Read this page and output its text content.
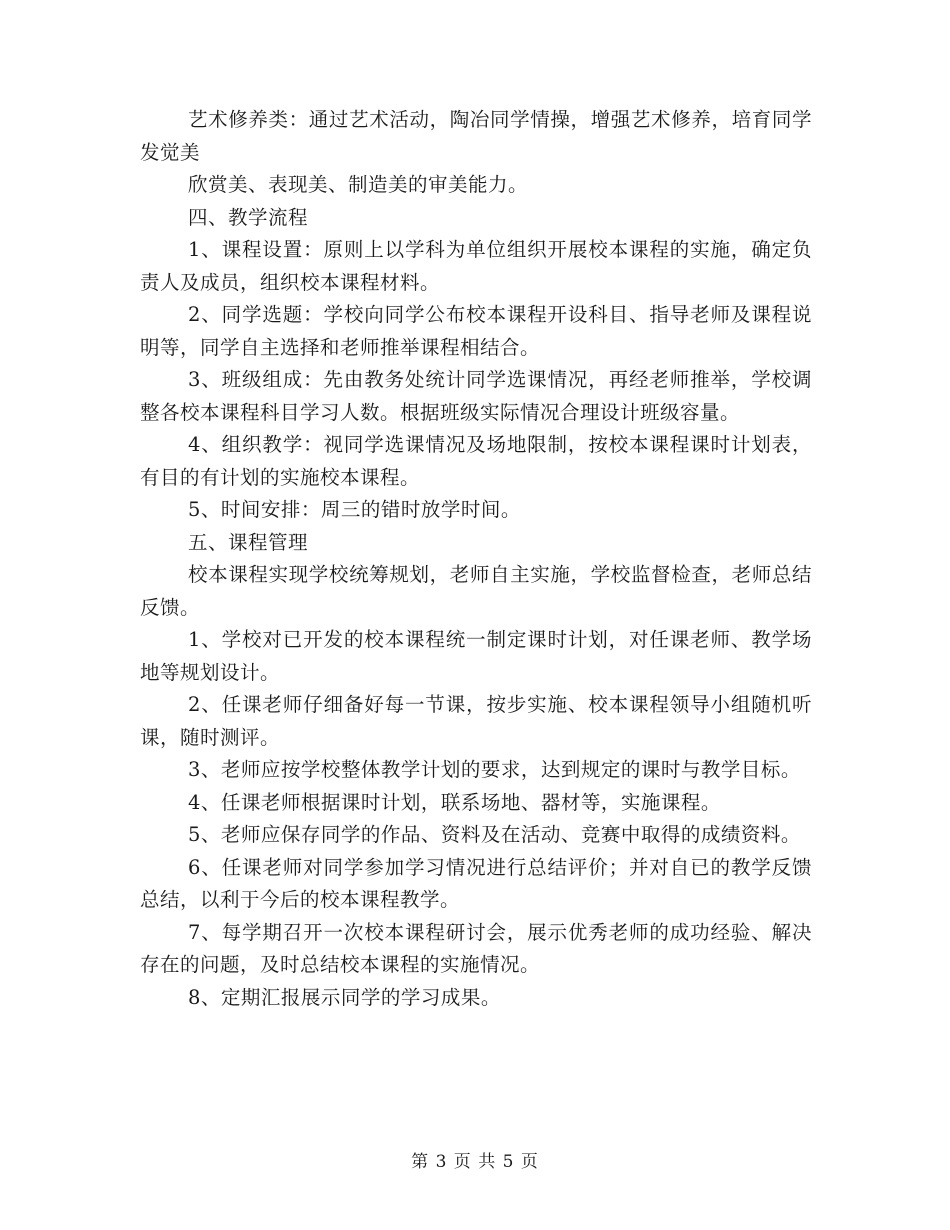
艺术修养类：通过艺术活动，陶冶同学情操，增强艺术修养，培育同学发觉美

欣赏美、表现美、制造美的审美能力。

四、教学流程

1、课程设置：原则上以学科为单位组织开展校本课程的实施，确定负责人及成员，组织校本课程材料。

2、同学选题：学校向同学公布校本课程开设科目、指导老师及课程说明等，同学自主选择和老师推举课程相结合。

3、班级组成：先由教务处统计同学选课情况，再经老师推举，学校调整各校本课程科目学习人数。根据班级实际情况合理设计班级容量。

4、组织教学：视同学选课情况及场地限制，按校本课程课时计划表，有目的有计划的实施校本课程。

5、时间安排：周三的错时放学时间。

五、课程管理

校本课程实现学校统筹规划，老师自主实施，学校监督检查，老师总结反馈。

1、学校对已开发的校本课程统一制定课时计划，对任课老师、教学场地等规划设计。

2、任课老师仔细备好每一节课，按步实施、校本课程领导小组随机听课，随时测评。

3、老师应按学校整体教学计划的要求，达到规定的课时与教学目标。

4、任课老师根据课时计划，联系场地、器材等，实施课程。

5、老师应保存同学的作品、资料及在活动、竞赛中取得的成绩资料。

6、任课老师对同学参加学习情况进行总结评价；并对自已的教学反馈总结，以利于今后的校本课程教学。

7、每学期召开一次校本课程研讨会，展示优秀老师的成功经验、解决存在的问题，及时总结校本课程的实施情况。

8、定期汇报展示同学的学习成果。

第 3 页 共 5 页
